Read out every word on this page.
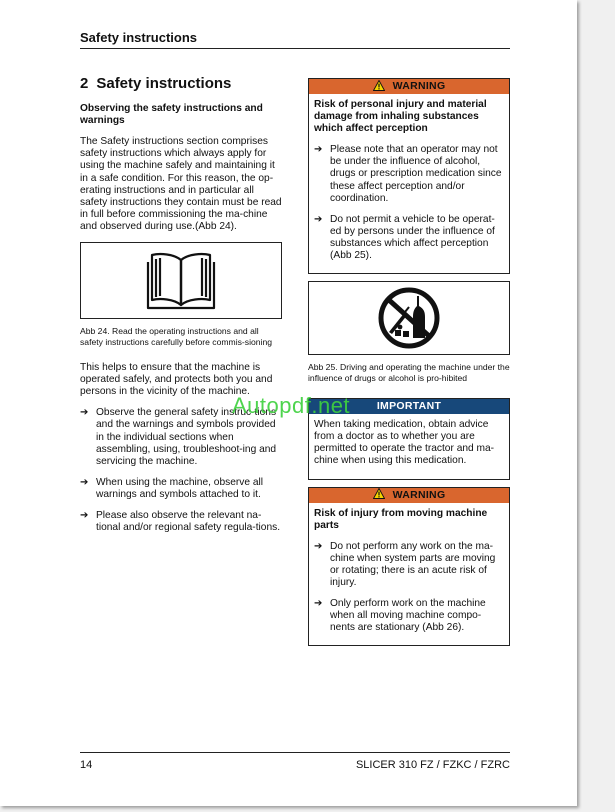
Safety instructions
2 Safety instructions
Observing the safety instructions and warnings

The Safety instructions section comprises safety instructions which always apply for using the machine safely and maintaining it in a safe condition. For this reason, the op-erating instructions and in particular all safety instructions they contain must be read in full before commissioning the ma-chine and observed during use.(Abb 24).

Abb 24. Read the operating instructions and all safety instructions carefully before commis-sioning

This helps to ensure that the machine is operated safely, and protects both you and persons in the vicinity of the machine.

➔ Observe the general safety instruc-tions and the warnings and symbols provided in the individual sections when assembling, using, troubleshoot-ing and servicing the machine.
➔ When using the machine, observe all warnings and symbols attached to it.
➔ Please also observe the relevant na-tional and/or regional safety regula-tions.
WARNING
Risk of personal injury and material damage from inhaling substances which affect perception
➔ Please note that an operator may not be under the influence of alcohol, drugs or prescription medication since these affect perception and/or coordination.
➔ Do not permit a vehicle to be operat-ed by persons under the influence of substances which affect perception (Abb 25).
Abb 25. Driving and operating the machine under the influence of drugs or alcohol is pro-hibited
IMPORTANT

When taking medication, obtain advice from a doctor as to whether you are permitted to operate the tractor and ma-chine when using this medication.

WARNING
Risk of injury from moving machine parts
➔ Do not perform any work on the ma-chine when system parts are moving or rotating; there is an acute risk of injury.
➔ Only perform work on the machine when all moving machine compo-nents are stationary (Abb 26).
Autopdf.net
14	SLICER 310 FZ / FZKC / FZRC
